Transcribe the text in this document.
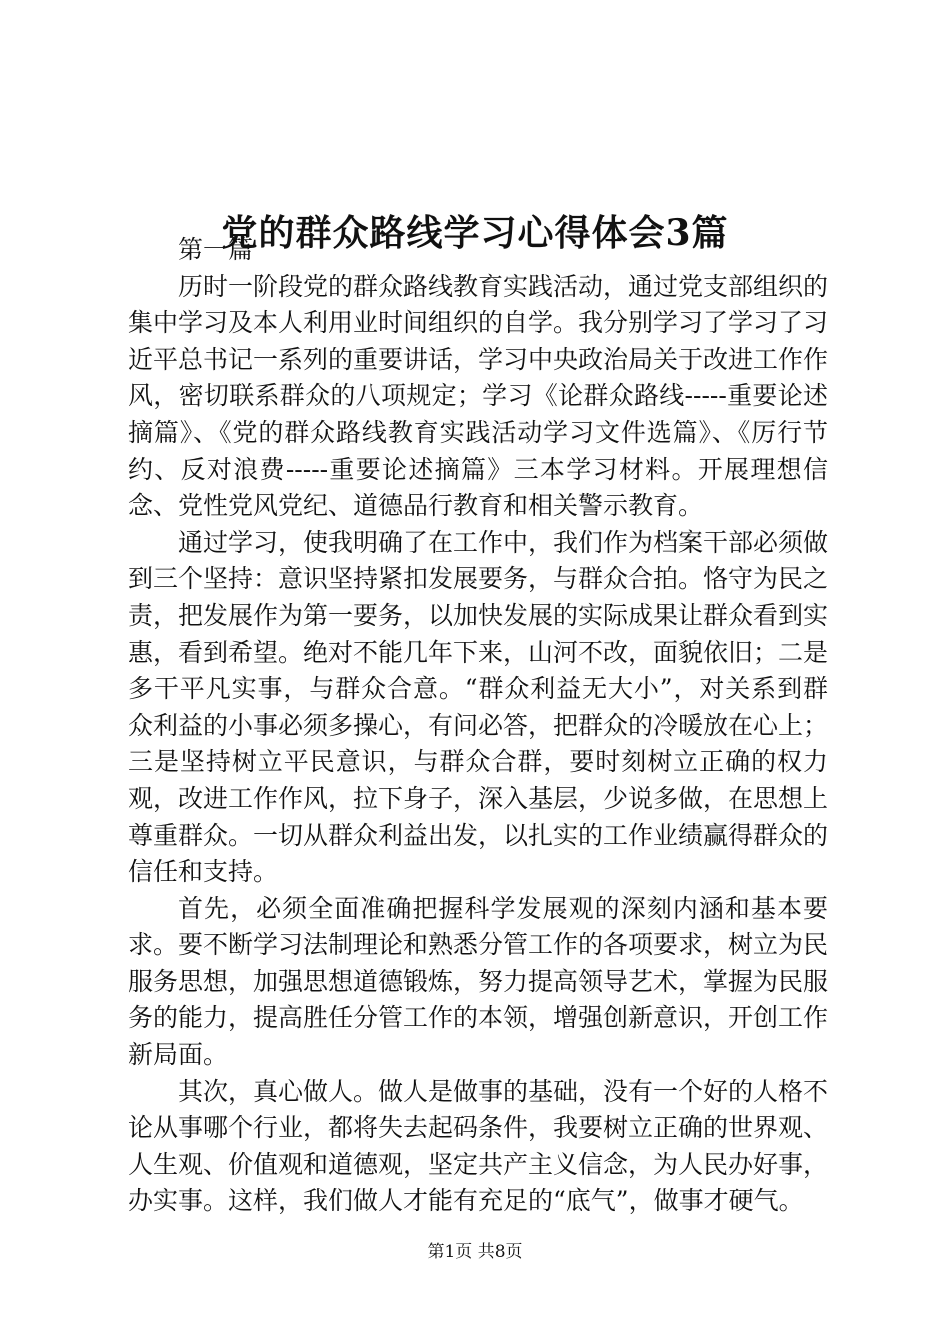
党的群众路线学习心得体会3篇
第一篇

历时一阶段党的群众路线教育实践活动，通过党支部组织的集中学习及本人利用业时间组织的自学。我分别学习了学习了习近平总书记一系列的重要讲话，学习中央政治局关于改进工作作风，密切联系群众的八项规定；学习《论群众路线-----重要论述摘篇》、《党的群众路线教育实践活动学习文件选篇》、《厉行节约、反对浪费-----重要论述摘篇》三本学习材料。开展理想信念、党性党风党纪、道德品行教育和相关警示教育。

通过学习，使我明确了在工作中，我们作为档案干部必须做到三个坚持：意识坚持紧扣发展要务，与群众合拍。恪守为民之责，把发展作为第一要务，以加快发展的实际成果让群众看到实惠，看到希望。绝对不能几年下来，山河不改，面貌依旧；二是多干平凡实事，与群众合意。“群众利益无大小”，对关系到群众利益的小事必须多操心，有问必答，把群众的冷暖放在心上；三是坚持树立平民意识，与群众合群，要时刻树立正确的权力观，改进工作作风，拉下身子，深入基层，少说多做，在思想上尊重群众。一切从群众利益出发，以扎实的工作业绩赢得群众的信任和支持。

首先，必须全面准确把握科学发展观的深刻内涵和基本要求。要不断学习法制理论和熟悉分管工作的各项要求，树立为民服务思想，加强思想道德锻炼，努力提高领导艺术，掌握为民服务的能力，提高胜任分管工作的本领，增强创新意识，开创工作新局面。

其次，真心做人。做人是做事的基础，没有一个好的人格不论从事哪个行业，都将失去起码条件，我要树立正确的世界观、人生观、价值观和道德观，坚定共产主义信念，为人民办好事，办实事。这样，我们做人才能有充足的“底气”，做事才硬气。

第1页 共8页
